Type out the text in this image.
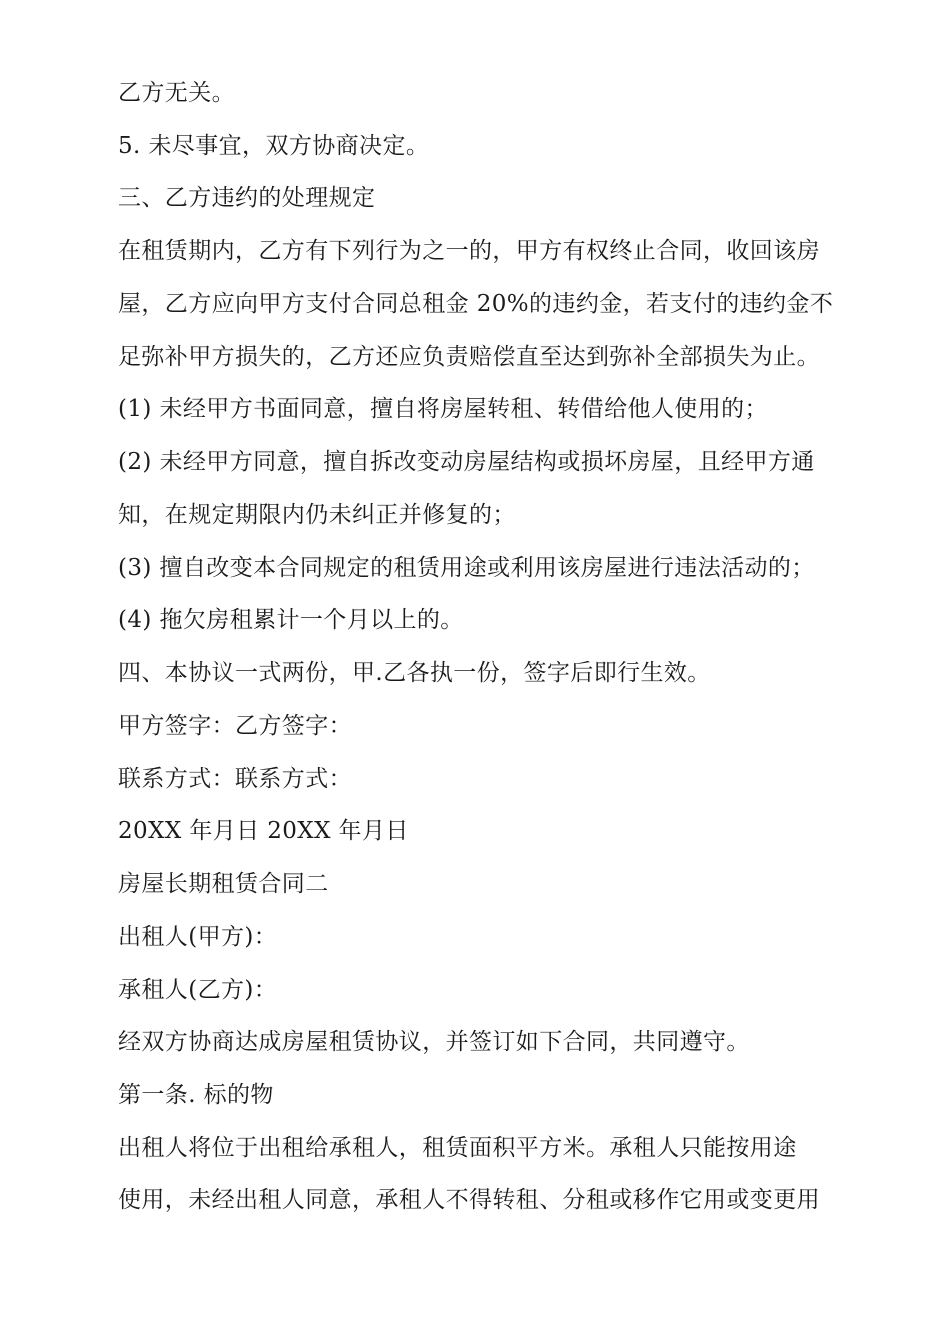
乙方无关。
5. 未尽事宜，双方协商决定。
三、乙方违约的处理规定
在租赁期内，乙方有下列行为之一的，甲方有权终止合同，收回该房
屋，乙方应向甲方支付合同总租金 20%的违约金，若支付的违约金不
足弥补甲方损失的，乙方还应负责赔偿直至达到弥补全部损失为止。
(1) 未经甲方书面同意，擅自将房屋转租、转借给他人使用的；
(2) 未经甲方同意，擅自拆改变动房屋结构或损坏房屋，且经甲方通
知，在规定期限内仍未纠正并修复的；
(3) 擅自改变本合同规定的租赁用途或利用该房屋进行违法活动的；
(4) 拖欠房租累计一个月以上的。
四、本协议一式两份，甲.乙各执一份，签字后即行生效。
甲方签字：乙方签字：
联系方式：联系方式：
20XX 年月日 20XX 年月日
房屋长期租赁合同二
出租人(甲方)：
承租人(乙方)：
经双方协商达成房屋租赁协议，并签订如下合同，共同遵守。
第一条. 标的物
出租人将位于出租给承租人，租赁面积平方米。承租人只能按用途
使用，未经出租人同意，承租人不得转租、分租或移作它用或变更用
